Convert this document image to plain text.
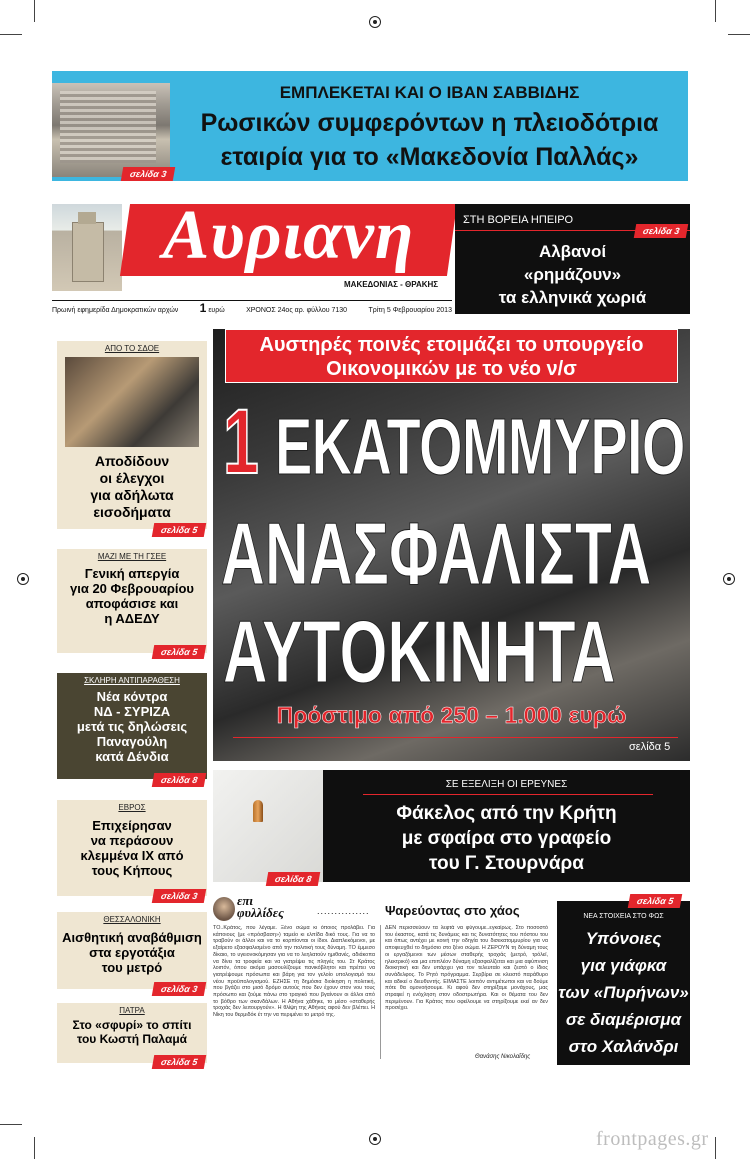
σελίδα 3
ΕΜΠΛΕΚΕΤΑΙ ΚΑΙ Ο ΙΒΑΝ ΣΑΒΒΙΔΗΣ
Ρωσικών συμφερόντων η πλειοδότρια
εταιρία για το «Μακεδονία Παλλάς»
Αυριανη
ΜΑΚΕΔΟΝΙΑΣ - ΘΡΑΚΗΣ
Πρωινή εφημερίδα Δημοκρατικών αρχών 1 ευρώ	ΧΡΟΝΟΣ 24ος αρ. φύλλου 7130	Τρίτη 5 Φεβρουαρίου 2013
ΣΤΗ ΒΟΡΕΙΑ ΗΠΕΙΡΟ
σελίδα 3
Αλβανοί
«ρημάζουν»
τα ελληνικά χωριά
Αυστηρές ποινές ετοιμάζει το υπουργείο
Οικονομικών με το νέο ν/σ
1 ΕΚΑΤΟΜΜΥΡΙΟ
ΑΝΑΣΦΑΛΙΣΤΑ
ΑΥΤΟΚΙΝΗΤΑ
Πρόστιμο από 250 – 1.000 ευρώ
σελίδα 5
ΑΠΟ ΤΟ ΣΔΟΕ
Αποδίδουν
οι έλεγχοι
για αδήλωτα
εισοδήματα
σελίδα 5
ΜΑΖΙ ΜΕ ΤΗ ΓΣΕΕ
Γενική απεργία
για 20 Φεβρουαρίου
αποφάσισε και
η ΑΔΕΔΥ
σελίδα 5
ΣΚΛΗΡΗ ΑΝΤΙΠΑΡΑΘΕΣΗ
Νέα κόντρα
ΝΔ - ΣΥΡΙΖΑ
μετά τις δηλώσεις
Παναγούλη
κατά Δένδια
σελίδα 8
ΕΒΡΟΣ
Επιχείρησαν
να περάσουν
κλεμμένα ΙΧ από
τους Κήπους
σελίδα 3
ΘΕΣΣΑΛΟΝΙΚΗ
Αισθητική αναβάθμιση
στα εργοτάξια
του μετρό
σελίδα 3
ΠΑΤΡΑ
Στο «σφυρί» το σπίτι
του Κωστή Παλαμά
σελίδα 5
σελίδα 8
ΣΕ ΕΞΕΛΙΞΗ ΟΙ ΕΡΕΥΝΕΣ
Φάκελος από την Κρήτη
με σφαίρα στο γραφείο
του Γ. Στουρνάρα
επι
φυλλίδες	............... Ψαρεύοντας στο χάος
ΤΟ..Κράτος, που λέγαμε. Ξένο σώμα κι όποιος προλάβει. Για κάποιους (με «πρόσβαση») ταμείο κι ελπίδα δικό τους. Για να το τραβούν οι άλλοι και να το κορπίονται οι ίδιοι. Διαπλεκόμενοι, με εξαίρετο εξασφαλισμένο από την πολιτική τους δύναμη. ΤΟ έμμεσο δίκαιο, το υγειονοκόμησαν για να το λεηλατούν ημιθανές, αδιάκοπα να δίνει τα τροφεία και να γιατρέψει τις πληγές του. Στ Κράτος λοιπόν, όπου ακόμα μασουλίζουμε πανικόβλητοι και πρέπει να γιατρέψουμε πρόσωπα και βάρη για τον γελοίο υπολογισμό του νέου προϋπολογισμού. ΕΖΗΣΕ τη δημόσια διοίκηση η πολιτική, που βγάζει στο μισό δρόμο αυτούς που δεν έχουν στον νου τους πρόσωπο και ζούμε πάνω στο τραγικό που βγαίνουν οι άλλοι από το βόθρο των σκανδάλων. Η Αθήνα χάθηκε, το μέσο «σταθερής τροχιάς δεν λειτουργούν». Η θλίψη της Αθήνας αφού δεν βλέπει. Η Νίκη του θερμιδόκ έτ την να περιμένει το μετρό της.
ΔΕΝ περισσεύουν τα λεφτά να φύγουμε..εγκαίρως. Στο ποσοστό του έκαστος, κατά τις δυνάμεις και τις δυνατότητες του πόστου του και όπως αντέχει με κοινή την οδηγία του δισεκατομμυρίου για να αποφευχθεί το δημόσιο στο ξένο σώμα. Η ΖΕΡΟΥΝ τη δύναμη τους οι εργαζόμενοι των μέσων σταθερής τροχιάς (μετρό, τρόλεϊ, ηλεκτρικό) και μια επιπλέον δύναμη εξασφαλίζεται και μια αφύπνιση διοικητική και δεν υπάρχει για τον τελευταίο και ζεστό ο ίδιος συνάδελφος. Το Ρητό πρόγραμμα. Σερβίρει σε κλειστό παράθυρο και αδικεί ο διευθυντής. ΕΙΜΑΣΤΕ λοιπόν αντιμέτωποι και να δούμε πότε θα ομονοήσουμε. Κι αφού δεν στηρίξαμε μονάχους, μας στραφεί η ενόχληση στον οδοστρωτήρα. Και οι θέματα του δεν περιμένουν. Για Κράτος που οφείλουμε να στηρίξουμε εκεί αν δεν προσέχει.
Θανάσης Νικολαΐδης
σελίδα 5
ΝΕΑ ΣΤΟΙΧΕΙΑ ΣΤΟ ΦΩΣ
Υπόνοιες
για γιάφκα
των «Πυρήνων»
σε διαμέρισμα
στο Χαλάνδρι
frontpages.gr
